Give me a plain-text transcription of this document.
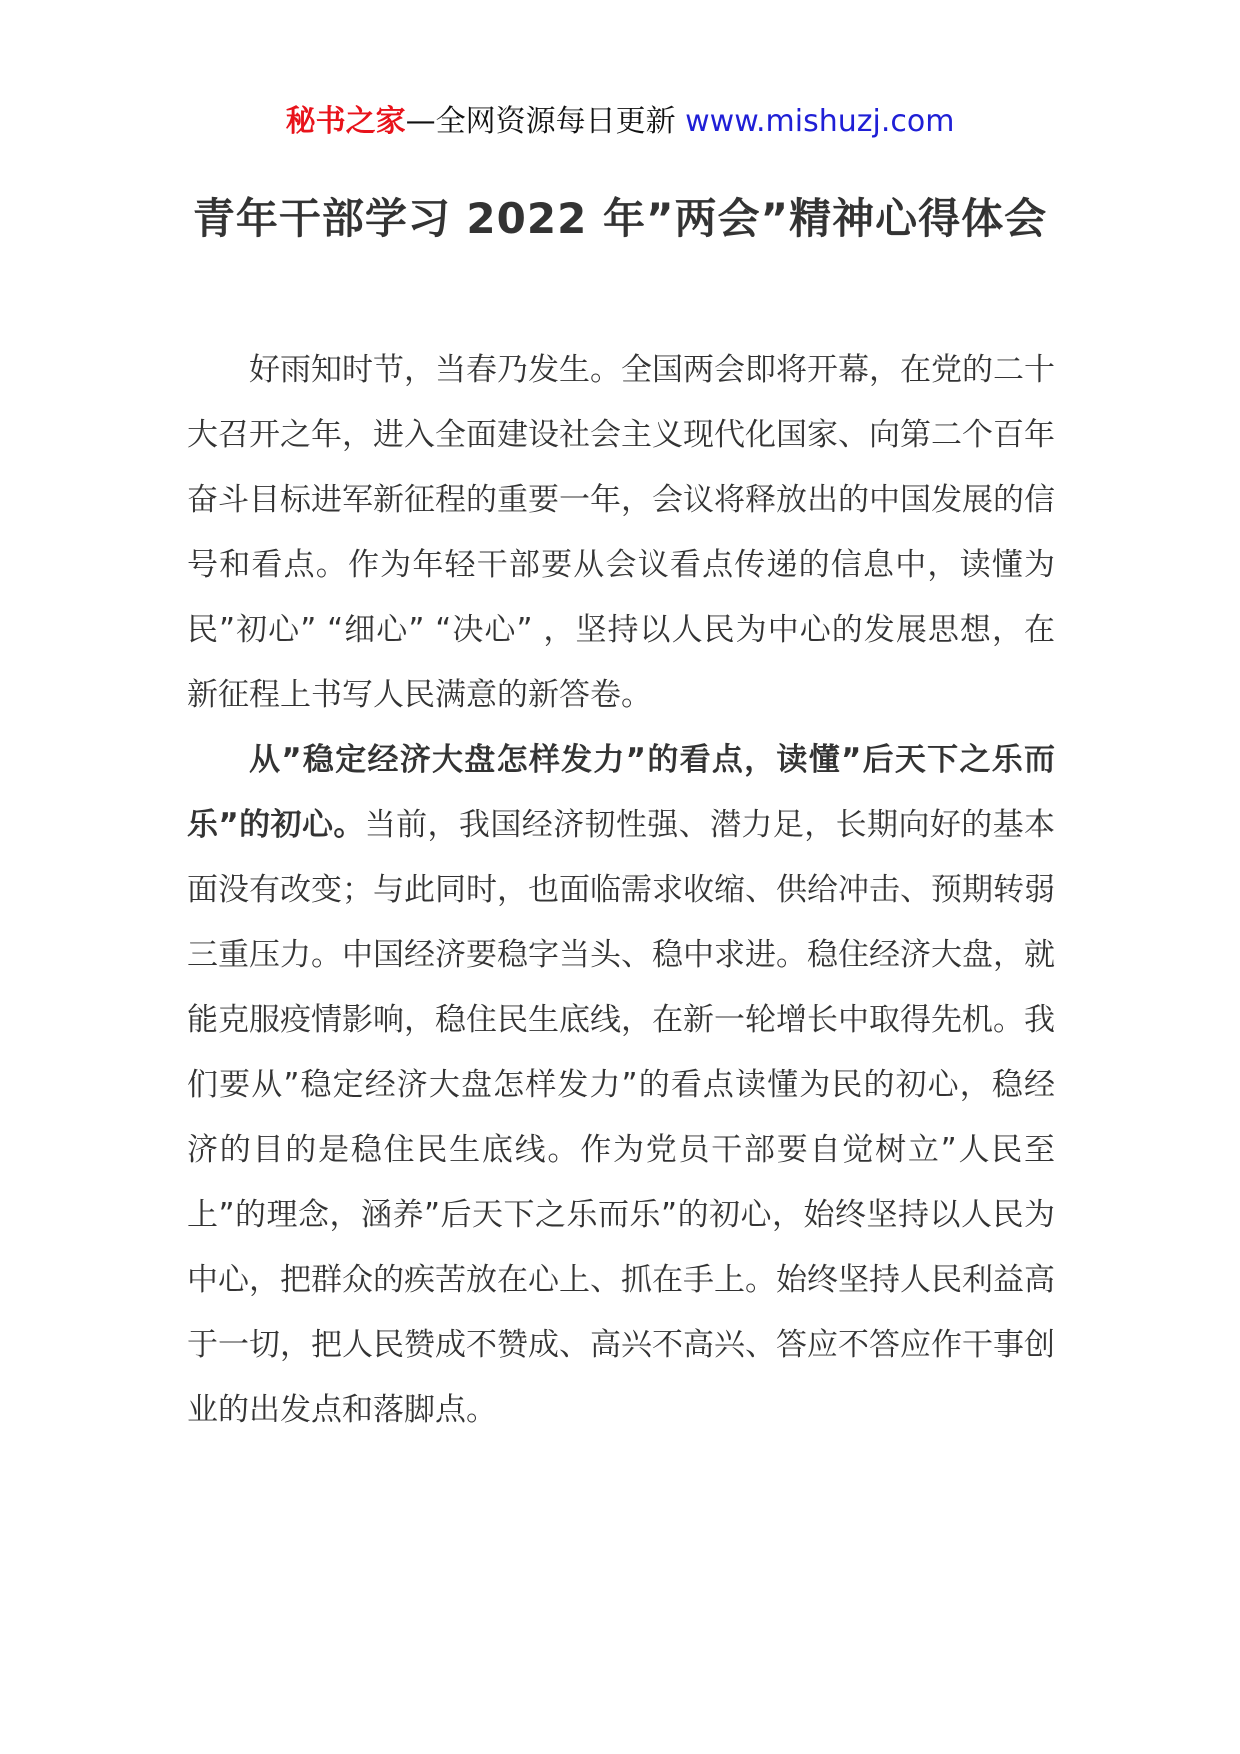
秘书之家—全网资源每日更新 www.mishuzj.com
青年干部学习 2022 年”两会”精神心得体会

好雨知时节，当春乃发生。全国两会即将开幕，在党的二十大召开之年，进入全面建设社会主义现代化国家、向第二个百年奋斗目标进军新征程的重要一年，会议将释放出的中国发展的信号和看点。作为年轻干部要从会议看点传递的信息中，读懂为民”初心” “细心” “决心” ，坚持以人民为中心的发展思想，在新征程上书写人民满意的新答卷。

从”稳定经济大盘怎样发力”的看点，读懂”后天下之乐而乐”的初心。当前，我国经济韧性强、潜力足，长期向好的基本面没有改变；与此同时，也面临需求收缩、供给冲击、预期转弱三重压力。中国经济要稳字当头、稳中求进。稳住经济大盘，就能克服疫情影响，稳住民生底线，在新一轮增长中取得先机。我们要从”稳定经济大盘怎样发力”的看点读懂为民的初心，稳经济的目的是稳住民生底线。作为党员干部要自觉树立”人民至上”的理念，涵养”后天下之乐而乐”的初心，始终坚持以人民为中心，把群众的疾苦放在心上、抓在手上。始终坚持人民利益高于一切，把人民赞成不赞成、高兴不高兴、答应不答应作干事创业的出发点和落脚点。
